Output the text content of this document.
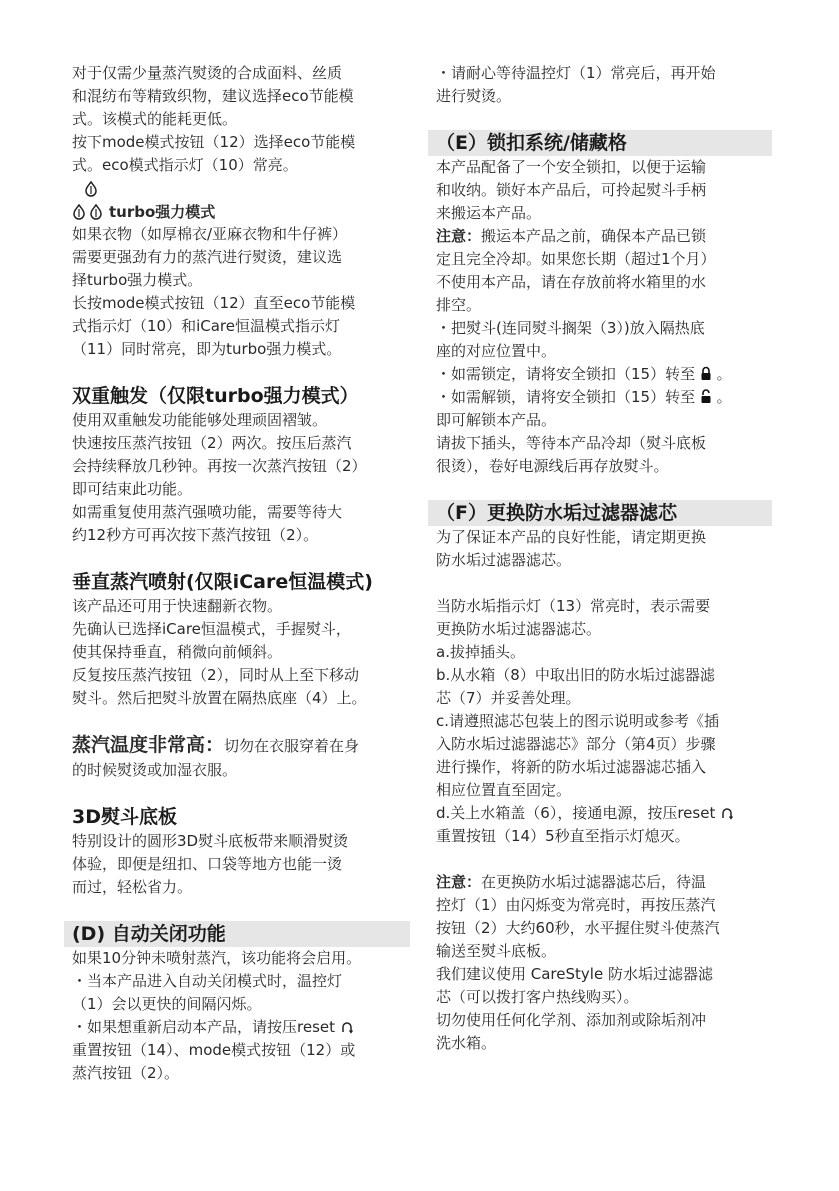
对于仅需少量蒸汽熨烫的合成面料、丝质

和混纺布等精致织物，建议选择eco节能模

式。该模式的能耗更低。

按下mode模式按钮（12）选择eco节能模

式。eco模式指示灯（10）常亮。

turbo强力模式

如果衣物（如厚棉衣/亚麻衣物和牛仔裤）

需要更强劲有力的蒸汽进行熨烫，建议选

择turbo强力模式。

长按mode模式按钮（12）直至eco节能模

式指示灯（10）和iCare恒温模式指示灯

（11）同时常亮，即为turbo强力模式。

双重触发（仅限turbo强力模式）

使用双重触发功能能够处理顽固褶皱。

快速按压蒸汽按钮（2）两次。按压后蒸汽

会持续释放几秒钟。再按一次蒸汽按钮（2）

即可结束此功能。

如需重复使用蒸汽强喷功能，需要等待大

约12秒方可再次按下蒸汽按钮（2）。

垂直蒸汽喷射(仅限iCare恒温模式)

该产品还可用于快速翻新衣物。

先确认已选择iCare恒温模式，手握熨斗，

使其保持垂直，稍微向前倾斜。

反复按压蒸汽按钮（2），同时从上至下移动

熨斗。然后把熨斗放置在隔热底座（4）上。

蒸汽温度非常高：切勿在衣服穿着在身

的时候熨烫或加湿衣服。

3D熨斗底板

特别设计的圆形3D熨斗底板带来顺滑熨烫

体验，即便是纽扣、口袋等地方也能一烫

而过，轻松省力。

(D) 自动关闭功能

如果10分钟未喷射蒸汽，该功能将会启用。

・当本产品进入自动关闭模式时，温控灯

（1）会以更快的间隔闪烁。

・如果想重新启动本产品，请按压reset

重置按钮（14）、mode模式按钮（12）或

蒸汽按钮（2）。

・请耐心等待温控灯（1）常亮后，再开始

进行熨烫。

（E）锁扣系统/储藏格

本产品配备了一个安全锁扣，以便于运输

和收纳。锁好本产品后，可拎起熨斗手柄

来搬运本产品。

注意：搬运本产品之前，确保本产品已锁

定且完全冷却。如果您长期（超过1个月）

不使用本产品，请在存放前将水箱里的水

排空。

・把熨斗(连同熨斗搁架（3）)放入隔热底

座的对应位置中。

・如需锁定，请将安全锁扣（15）转至 。

・如需解锁，请将安全锁扣（15）转至 。

即可解锁本产品。

请拔下插头，等待本产品冷却（熨斗底板

很烫），卷好电源线后再存放熨斗。

（F）更换防水垢过滤器滤芯

为了保证本产品的良好性能，请定期更换

防水垢过滤器滤芯。

当防水垢指示灯（13）常亮时，表示需要

更换防水垢过滤器滤芯。

a.拔掉插头。

b.从水箱（8）中取出旧的防水垢过滤器滤

芯（7）并妥善处理。

c.请遵照滤芯包装上的图示说明或参考《插

入防水垢过滤器滤芯》部分（第4页）步骤

进行操作，将新的防水垢过滤器滤芯插入

相应位置直至固定。

d.关上水箱盖（6），接通电源，按压reset

重置按钮（14）5秒直至指示灯熄灭。

注意：在更换防水垢过滤器滤芯后，待温

控灯（1）由闪烁变为常亮时，再按压蒸汽

按钮（2）大约60秒，水平握住熨斗使蒸汽

输送至熨斗底板。

我们建议使用 CareStyle 防水垢过滤器滤

芯（可以拨打客户热线购买）。

切勿使用任何化学剂、添加剂或除垢剂冲

洗水箱。
